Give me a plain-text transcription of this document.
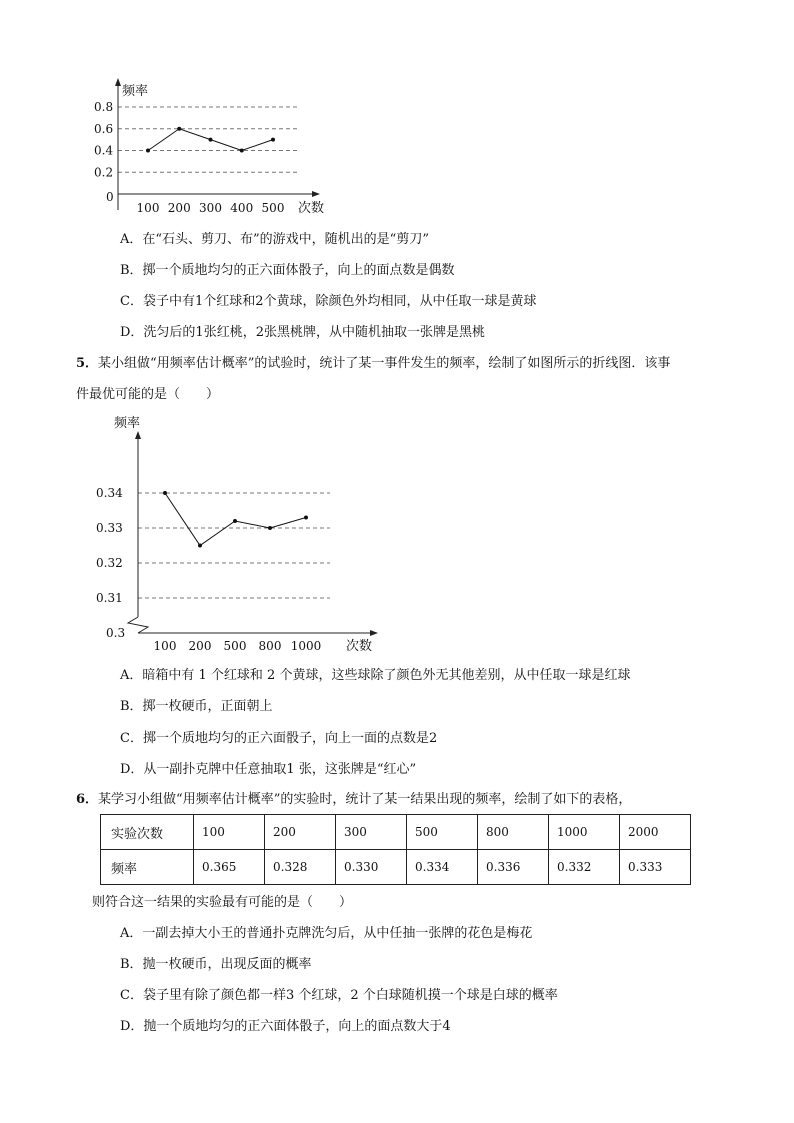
频率
次数
0
0.2
0.4
0.6
0.8
100 200 300 400 500
A．在“石头、剪刀、布”的游戏中，随机出的是“剪刀”
B．掷一个质地均匀的正六面体骰子，向上的面点数是偶数
C．袋子中有1个红球和2个黄球，除颜色外均相同，从中任取一球是黄球
D．洗匀后的1张红桃，2张黑桃牌，从中随机抽取一张牌是黑桃
5．某小组做“用频率估计概率”的试验时，统计了某一事件发生的频率，绘制了如图所示的折线图．该事
件最优可能的是（　　）
频率
次数
0.3
0.31
0.32
0.33
0.34
100 200 500 800 1000
A．暗箱中有 1 个红球和 2 个黄球，这些球除了颜色外无其他差别，从中任取一球是红球
B．掷一枚硬币，正面朝上
C．掷一个质地均匀的正六面骰子，向上一面的点数是2
D．从一副扑克牌中任意抽取1 张，这张牌是“红心”
6．某学习小组做“用频率估计概率”的实验时，统计了某一结果出现的频率，绘制了如下的表格，
实验次数	100	200	300	500	800	1000	2000
频率	0.365	0.328	0.330	0.334	0.336	0.332	0.333
则符合这一结果的实验最有可能的是（　　）
A．一副去掉大小王的普通扑克牌洗匀后，从中任抽一张牌的花色是梅花
B．抛一枚硬币，出现反面的概率
C．袋子里有除了颜色都一样3 个红球，2 个白球随机摸一个球是白球的概率
D．抛一个质地均匀的正六面体骰子，向上的面点数大于4
